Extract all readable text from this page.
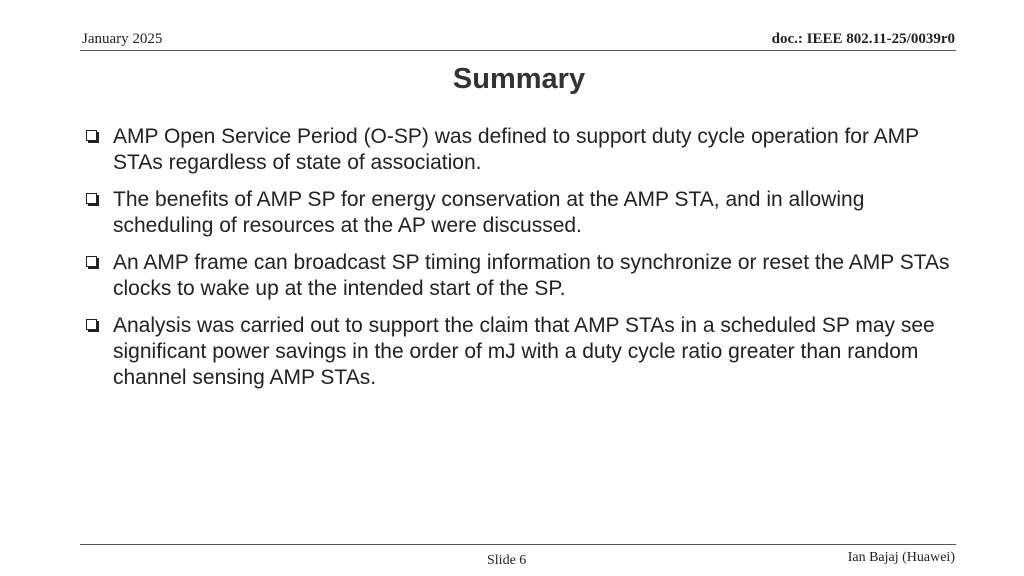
January 2025	doc.: IEEE 802.11-25/0039r0
Summary
AMP Open Service Period (O-SP) was defined to support duty cycle operation for AMP STAs regardless of state of association.
The benefits of AMP SP for energy conservation at the AMP STA, and in allowing scheduling of resources at the AP were discussed.
An AMP frame can broadcast SP timing information to synchronize or reset the AMP STAs clocks to wake up at the intended start of the SP.
Analysis was carried out to support the claim that AMP STAs in a scheduled SP may see significant power savings in the order of mJ with a duty cycle ratio greater than random channel sensing AMP STAs.
Slide 6	Ian Bajaj (Huawei)
